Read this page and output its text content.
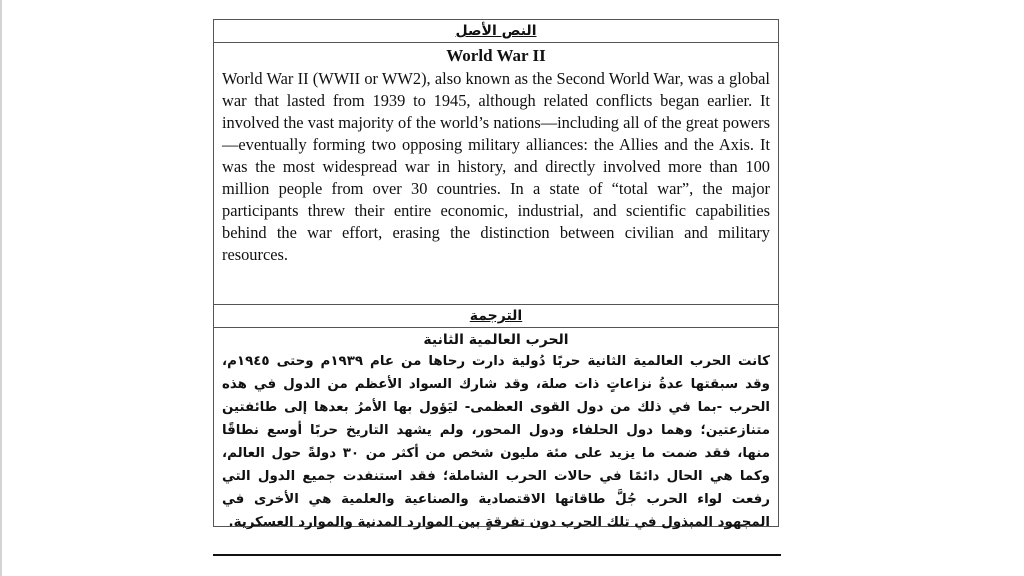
النص الأصل
World War II
World War II (WWII or WW2), also known as the Second World War, was a global war that lasted from 1939 to 1945, although related conflicts began earlier. It involved the vast majority of the world’s nations—including all of the great powers—eventually forming two opposing military alliances: the Allies and the Axis. It was the most widespread war in history, and directly involved more than 100 million people from over 30 countries. In a state of “total war”, the major participants threw their entire economic, industrial, and scientific capabilities behind the war effort, erasing the distinction between civilian and military resources.
الترجمة
الحرب العالمية الثانية
كانت الحرب العالمية الثانية حربًا دُولية دارت رحاها من عام ١٩٣٩م وحتى ١٩٤٥م، وقد سبقتها عدةُ نزاعاتٍ ذات صلة، وقد شارك السواد الأعظم من الدول في هذه الحرب -بما في ذلك من دول القوى العظمى- ليَؤول بها الأمرُ بعدها إلى طائفتين متنازعتين؛ وهما دول الحلفاء ودول المحور، ولم يشهد التاريخ حربًا أوسع نطاقًا منها، فقد ضمت ما يزيد على مئة مليون شخص من أكثر من ٣٠ دولةً حول العالم، وكما هي الحال دائمًا في حالات الحرب الشاملة؛ فقد استنفدت جميع الدول التي رفعت لواء الحرب جُلَّ طاقاتها الاقتصادية والصناعية والعلمية هي الأخرى في المجهود المبذول في تلك الحرب دون تفرقةٍ بين الموارد المدنية والموارد العسكرية.
